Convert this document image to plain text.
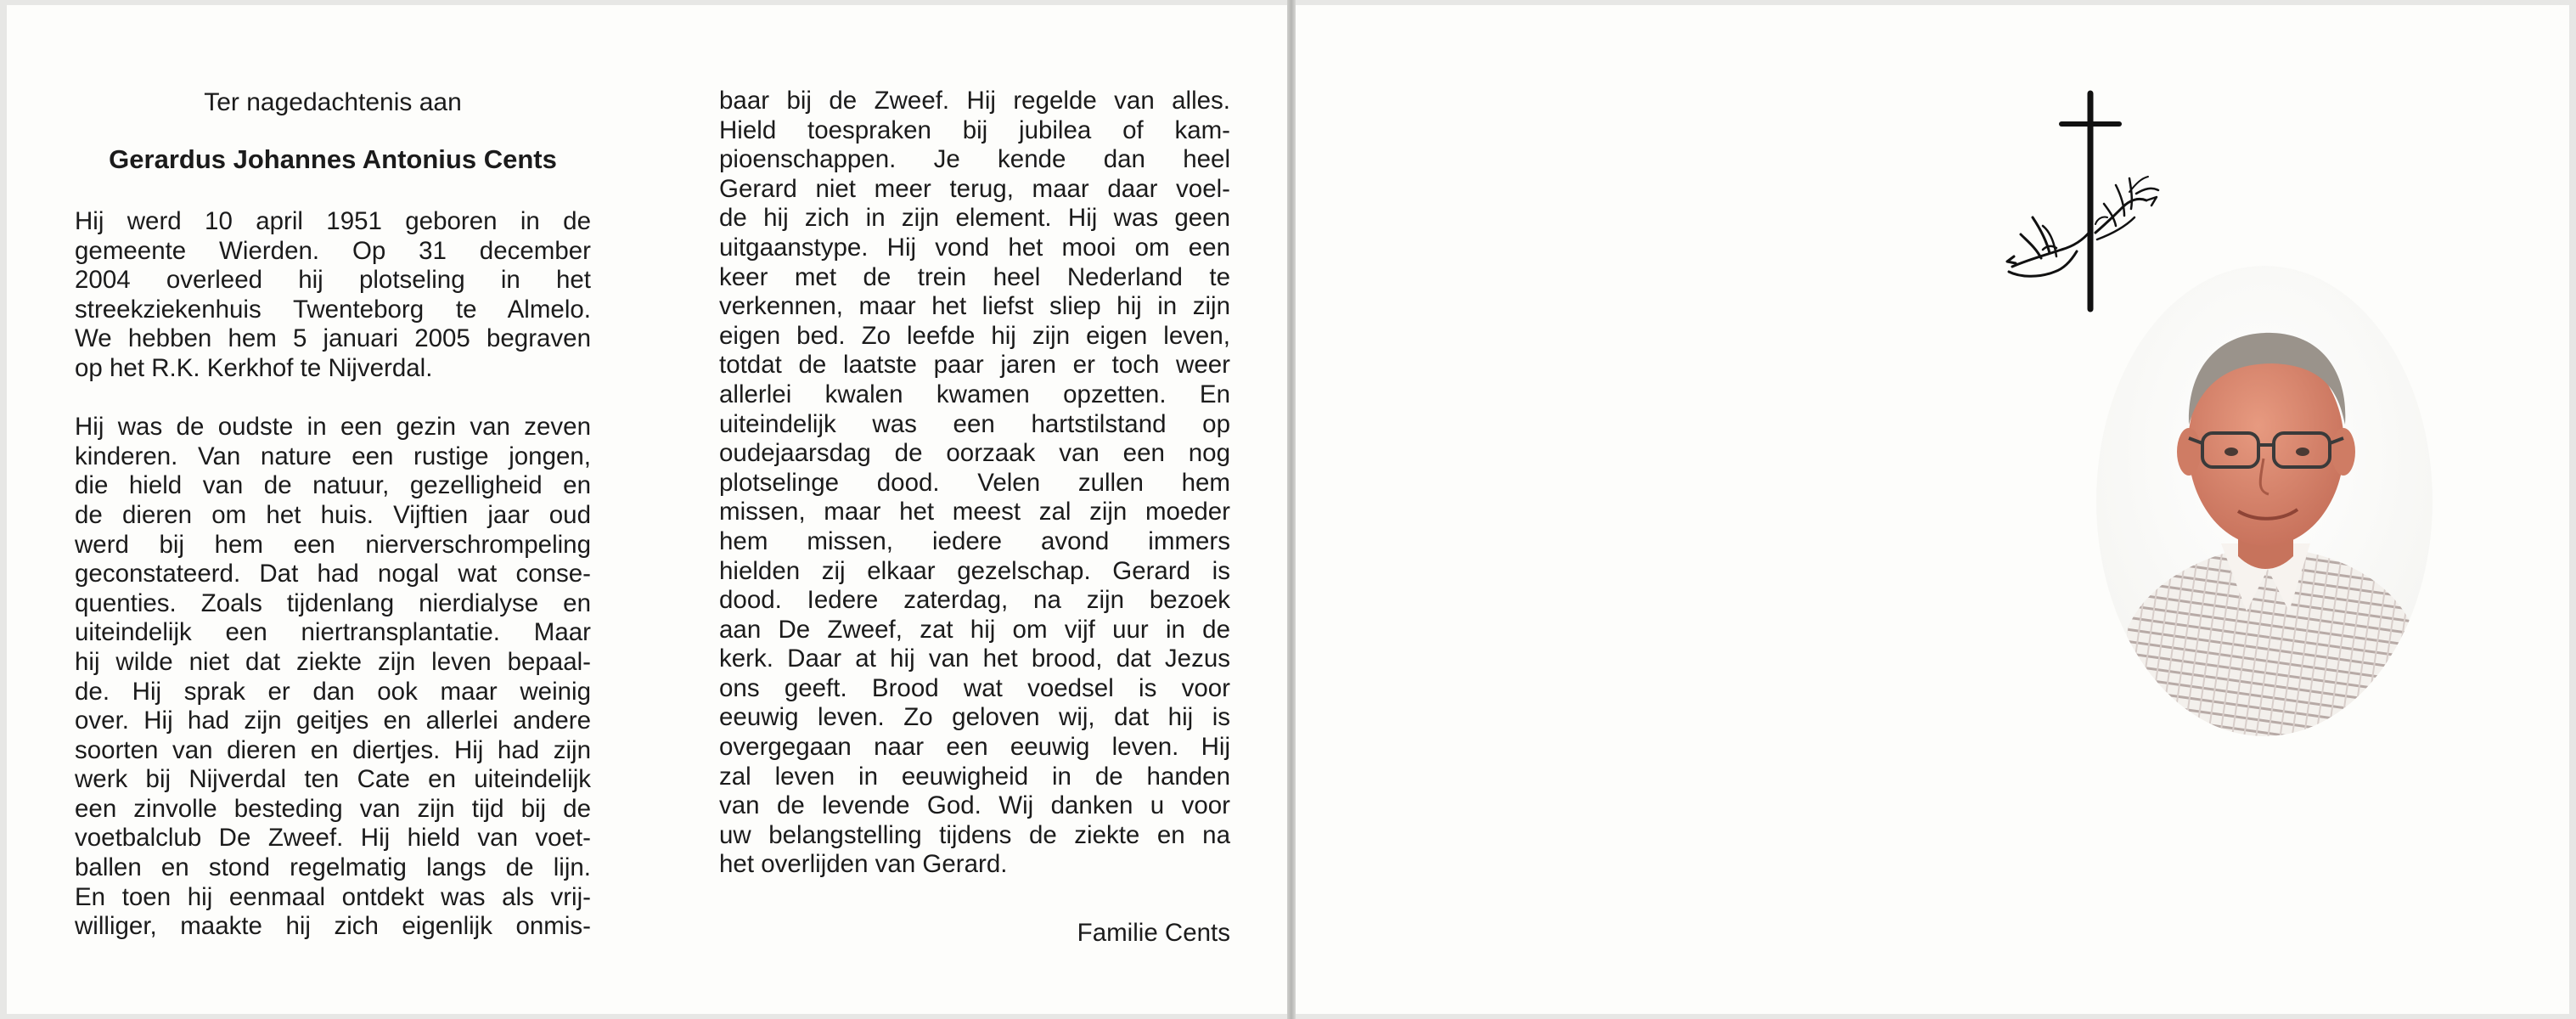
Ter nagedachtenis aan
Gerardus Johannes Antonius Cents

Hij werd 10 april 1951 geboren in de
gemeente Wierden. Op 31 december
2004 overleed hij plotseling in het
streekziekenhuis Twenteborg te Almelo.
We hebben hem 5 januari 2005 begraven
op het R.K. Kerkhof te Nijverdal.

Hij was de oudste in een gezin van zeven
kinderen. Van nature een rustige jongen,
die hield van de natuur, gezelligheid en
de dieren om het huis. Vijftien jaar oud
werd bij hem een nierverschrompeling
geconstateerd. Dat had nogal wat conse-
quenties. Zoals tijdenlang nierdialyse en
uiteindelijk een niertransplantatie. Maar
hij wilde niet dat ziekte zijn leven bepaal-
de. Hij sprak er dan ook maar weinig
over. Hij had zijn geitjes en allerlei andere
soorten van dieren en diertjes. Hij had zijn
werk bij Nijverdal ten Cate en uiteindelijk
een zinvolle besteding van zijn tijd bij de
voetbalclub De Zweef. Hij hield van voet-
ballen en stond regelmatig langs de lijn.
En toen hij eenmaal ontdekt was als vrij-
williger, maakte hij zich eigenlijk onmis-

baar bij de Zweef. Hij regelde van alles.
Hield toespraken bij jubilea of kam-
pioenschappen. Je kende dan heel
Gerard niet meer terug, maar daar voel-
de hij zich in zijn element. Hij was geen
uitgaanstype. Hij vond het mooi om een
keer met de trein heel Nederland te
verkennen, maar het liefst sliep hij in zijn
eigen bed. Zo leefde hij zijn eigen leven,
totdat de laatste paar jaren er toch weer
allerlei kwalen kwamen opzetten. En
uiteindelijk was een hartstilstand op
oudejaarsdag de oorzaak van een nog
plotselinge dood. Velen zullen hem
missen, maar het meest zal zijn moeder
hem missen, iedere avond immers
hielden zij elkaar gezelschap. Gerard is
dood. Iedere zaterdag, na zijn bezoek
aan De Zweef, zat hij om vijf uur in de
kerk. Daar at hij van het brood, dat Jezus
ons geeft. Brood wat voedsel is voor
eeuwig leven. Zo geloven wij, dat hij is
overgegaan naar een eeuwig leven. Hij
zal leven in eeuwigheid in de handen
van de levende God. Wij danken u voor
uw belangstelling tijdens de ziekte en na
het overlijden van Gerard.

Familie Cents
